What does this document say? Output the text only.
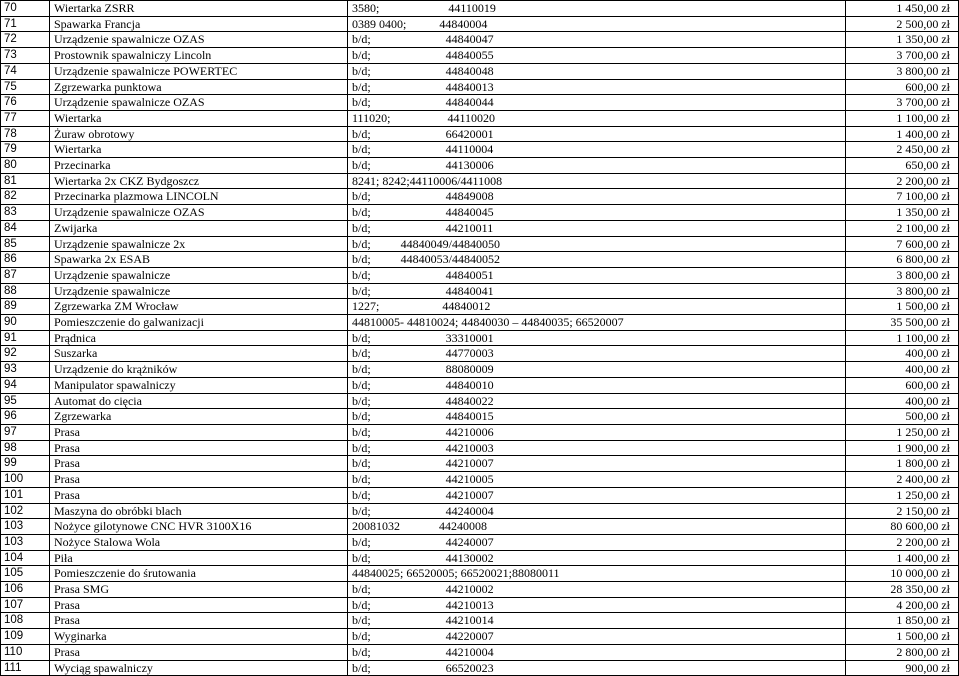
70	Wiertarka ZSRR	3580;                       44110019	1 450,00 zł
71	Spawarka Francja	0389 0400;           44840004	2 500,00 zł
72	Urządzenie spawalnicze OZAS	b/d;                         44840047	1 350,00 zł
73	Prostownik spawalniczy Lincoln	b/d;                         44840055	3 700,00 zł
74	Urządzenie spawalnicze POWERTEC	b/d;                         44840048	3 800,00 zł
75	Zgrzewarka punktowa	b/d;                         44840013	600,00 zł
76	Urządzenie spawalnicze OZAS	b/d;                         44840044	3 700,00 zł
77	Wiertarka	111020;                   44110020	1 100,00 zł
78	Żuraw obrotowy	b/d;                         66420001	1 400,00 zł
79	Wiertarka	b/d;                         44110004	2 450,00 zł
80	Przecinarka	b/d;                         44130006	650,00 zł
81	Wiertarka 2x CKZ Bydgoszcz	8241; 8242;44110006/4411008	2 200,00 zł
82	Przecinarka plazmowa LINCOLN	b/d;                         44849008	7 100,00 zł
83	Urządzenie spawalnicze OZAS	b/d;                         44840045	1 350,00 zł
84	Zwijarka	b/d;                         44210011	2 100,00 zł
85	Urządzenie spawalnicze 2x	b/d;          44840049/44840050	7 600,00 zł
86	Spawarka 2x ESAB	b/d;          44840053/44840052	6 800,00 zł
87	Urządzenie spawalnicze	b/d;                         44840051	3 800,00 zł
88	Urządzenie spawalnicze	b/d;                         44840041	3 800,00 zł
89	Zgrzewarka ZM Wrocław	1227;                     44840012	1 500,00 zł
90	Pomieszczenie do galwanizacji	44810005- 44810024; 44840030 – 44840035; 66520007	35 500,00 zł
91	Prądnica	b/d;                         33310001	1 100,00 zł
92	Suszarka	b/d;                         44770003	400,00 zł
93	Urządzenie do krążników	b/d;                         88080009	400,00 zł
94	Manipulator spawalniczy	b/d;                         44840010	600,00 zł
95	Automat do cięcia	b/d;                         44840022	400,00 zł
96	Zgrzewarka	b/d;                         44840015	500,00 zł
97	Prasa	b/d;                         44210006	1 250,00 zł
98	Prasa	b/d;                         44210003	1 900,00 zł
99	Prasa	b/d;                         44210007	1 800,00 zł
100	Prasa	b/d;                         44210005	2 400,00 zł
101	Prasa	b/d;                         44210007	1 250,00 zł
102	Maszyna do obróbki blach	b/d;                         44240004	2 150,00 zł
103	Nożyce gilotynowe CNC HVR 3100X16	20081032             44240008	80 600,00 zł
103	Nożyce Stalowa Wola	b/d;                         44240007	2 200,00 zł
104	Piła	b/d;                         44130002	1 400,00 zł
105	Pomieszczenie do śrutowania	44840025; 66520005; 66520021;88080011	10 000,00 zł
106	Prasa SMG	b/d;                         44210002	28 350,00 zł
107	Prasa	b/d;                         44210013	4 200,00 zł
108	Prasa	b/d;                         44210014	1 850,00 zł
109	Wyginarka	b/d;                         44220007	1 500,00 zł
110	Prasa	b/d;                         44210004	2 800,00 zł
111	Wyciąg spawalniczy	b/d;                         66520023	900,00 zł
